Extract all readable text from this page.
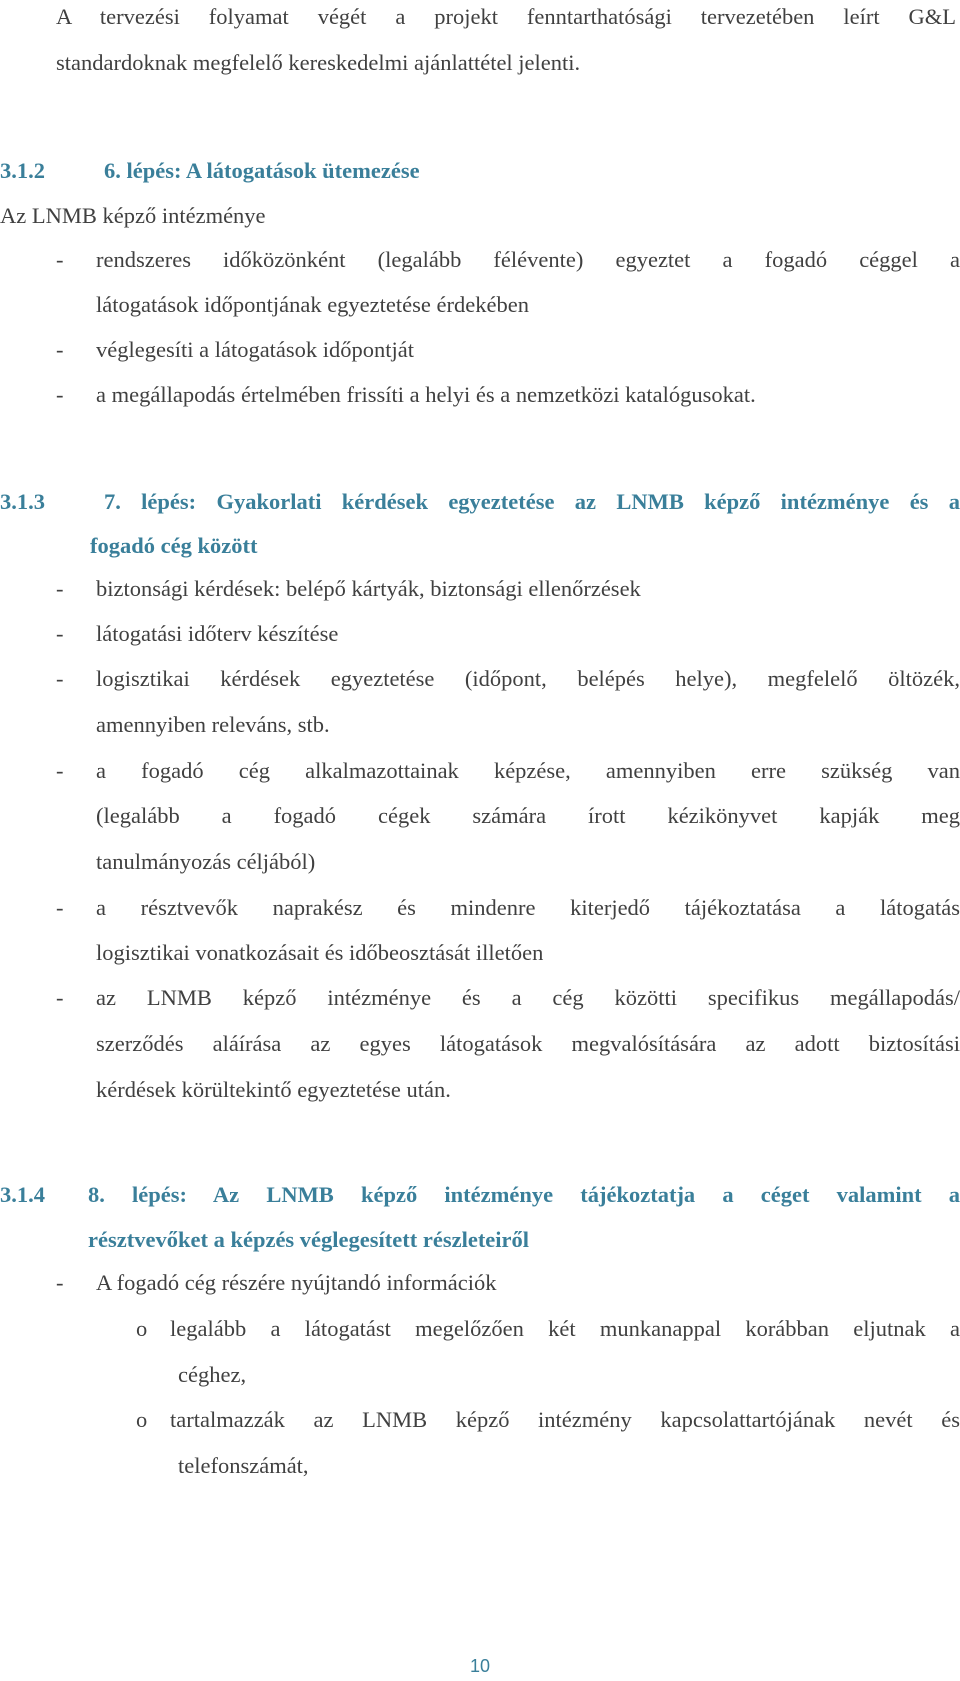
A tervezési folyamat végét a projekt fenntarthatósági tervezetében leírt G&L
standardoknak megfelelő kereskedelmi ajánlattétel jelenti.
3.1.2	6. lépés: A látogatások ütemezése
Az LNMB képző intézménye
- rendszeres időközönként (legalább félévente) egyeztet a fogadó céggel a
látogatások időpontjának egyeztetése érdekében
- véglegesíti a látogatások időpontját
- a megállapodás értelmében frissíti a helyi és a nemzetközi katalógusokat.
3.1.3	7. lépés: Gyakorlati kérdések egyeztetése az LNMB képző intézménye és a
fogadó cég között
- biztonsági kérdések: belépő kártyák, biztonsági ellenőrzések
- látogatási időterv készítése
- logisztikai kérdések egyeztetése (időpont, belépés helye), megfelelő öltözék,
amennyiben releváns, stb.
- a fogadó cég alkalmazottainak képzése, amennyiben erre szükség van
(legalább a fogadó cégek számára írott kézikönyvet kapják meg
tanulmányozás céljából)
- a résztvevők naprakész és mindenre kiterjedő tájékoztatása a látogatás
logisztikai vonatkozásait és időbeosztását illetően
- az LNMB képző intézménye és a cég közötti specifikus megállapodás/
szerződés aláírása az egyes látogatások megvalósítására az adott biztosítási
kérdések körültekintő egyeztetése után.
3.1.4 8. lépés: Az LNMB képző intézménye tájékoztatja a céget valamint a
résztvevőket a képzés véglegesített részleteiről
- A fogadó cég részére nyújtandó információk
o legalább a látogatást megelőzően két munkanappal korábban eljutnak a
céghez,
o tartalmazzák az LNMB képző intézmény kapcsolattartójának nevét és
telefonszámát,
10
